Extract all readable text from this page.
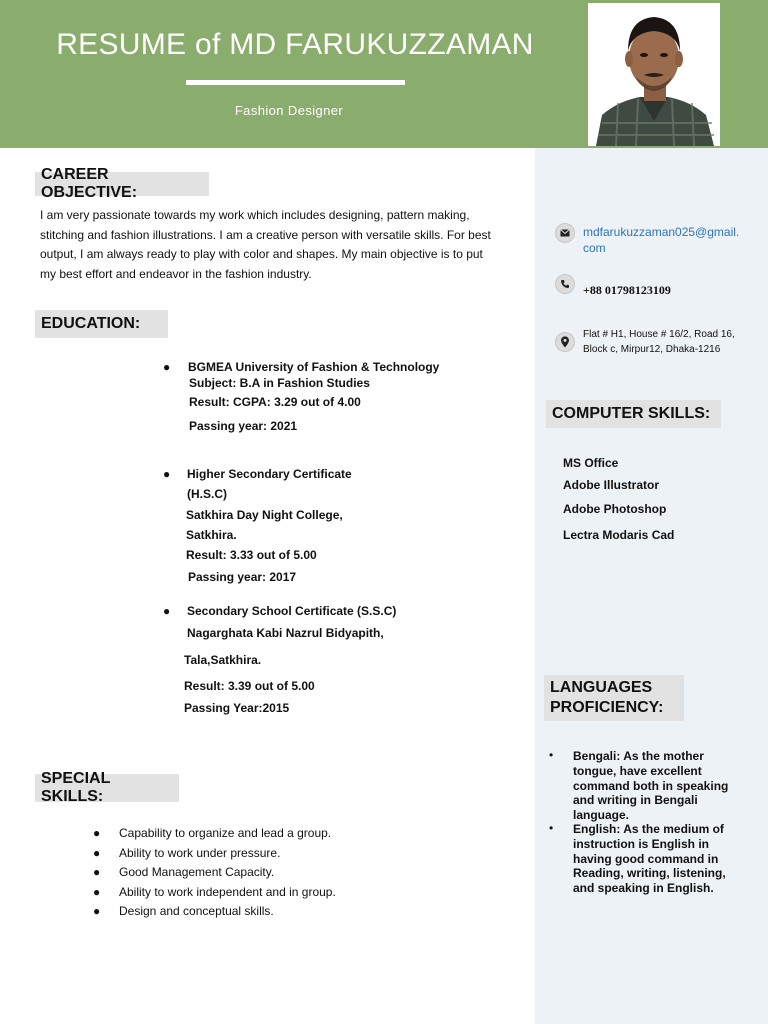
RESUME of MD FARUKUZZAMAN
Fashion Designer
CAREER OBJECTIVE:
I am very passionate towards my work which includes designing, pattern making,
stitching and fashion illustrations. I am a creative person with versatile skills. For best
output, I am always ready to play with color and shapes. My main objective is to put
my best effort and endeavor in the fashion industry.
EDUCATION:
● BGMEA University of Fashion & Technology
Subject: B.A in Fashion Studies
Result: CGPA: 3.29 out of 4.00
Passing year: 2021
● Higher Secondary Certificate
(H.S.C)
Satkhira Day Night College,
Satkhira.
Result: 3.33 out of 5.00
Passing year: 2017
● Secondary School Certificate (S.S.C)
Nagarghata Kabi Nazrul Bidyapith,
Tala,Satkhira.
Result: 3.39 out of 5.00
Passing Year:2015
SPECIAL SKILLS:
● Capability to organize and lead a group.
● Ability to work under pressure.
● Good Management Capacity.
● Ability to work independent and in group.
● Design and conceptual skills.
mdfarukuzzaman025@gmail.
com
+88 01798123109
Flat # H1, House # 16/2, Road 16,
Block c, Mirpur12, Dhaka-1216
COMPUTER SKILLS:
MS Office
Adobe Illustrator
Adobe Photoshop
Lectra Modaris Cad
LANGUAGES
PROFICIENCY:
• Bengali: As the mother
tongue, have excellent
command both in speaking
and writing in Bengali
language.
• English: As the medium of
instruction is English in
having good command in
Reading, writing, listening,
and speaking in English.
